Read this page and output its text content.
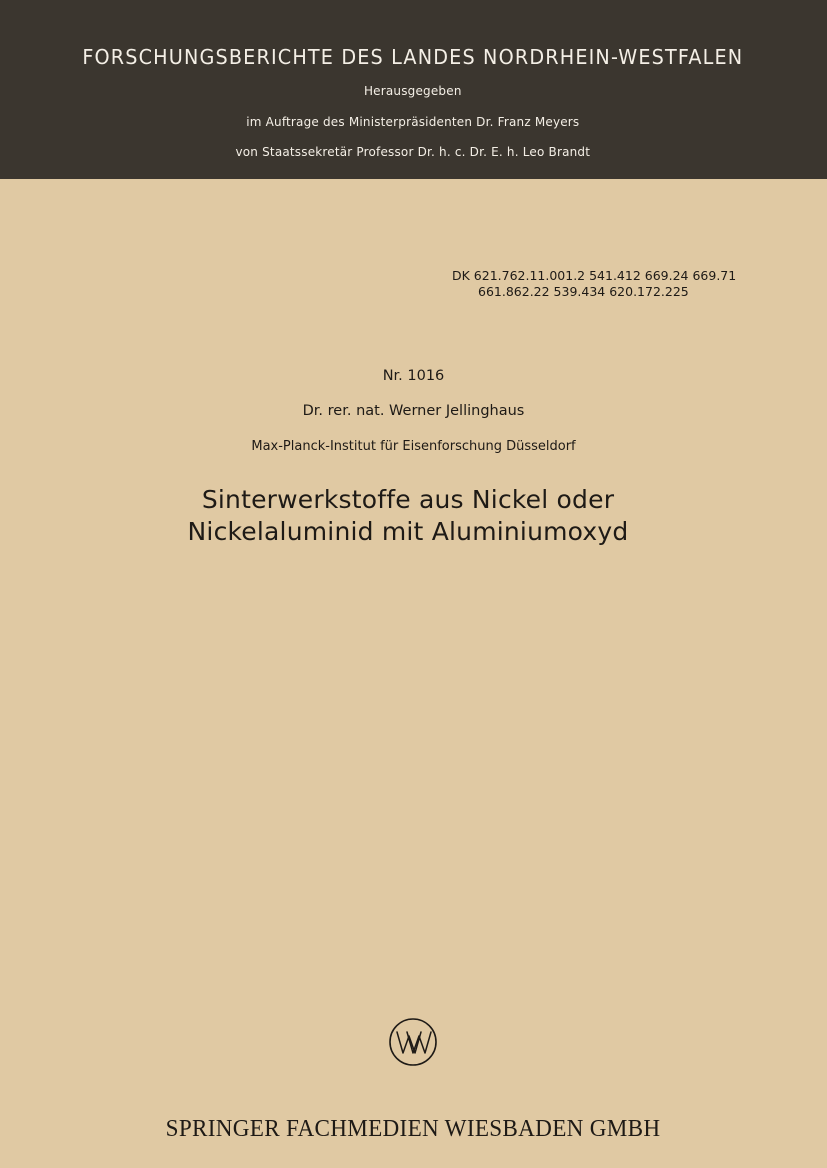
FORSCHUNGSBERICHTE DES LANDES NORDRHEIN-WESTFALEN
Herausgegeben
im Auftrage des Ministerpräsidenten Dr. Franz Meyers
von Staatssekretär Professor Dr. h. c. Dr. E. h. Leo Brandt
DK 621.762.11.001.2 541.412 669.24 669.71
661.862.22 539.434 620.172.225
Nr. 1016
Dr. rer. nat. Werner Jellinghaus
Max-Planck-Institut für Eisenforschung Düsseldorf
Sinterwerkstoffe aus Nickel oder
Nickelaluminid mit Aluminiumoxyd
SPRINGER FACHMEDIEN WIESBADEN GMBH
